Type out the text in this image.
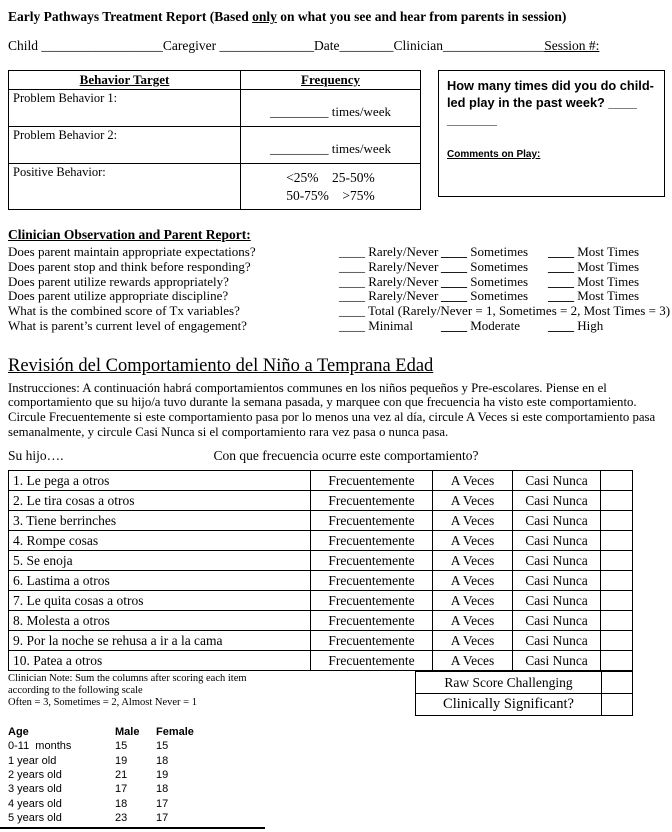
Early Pathways Treatment Report (Based only on what you see and hear from parents in session)
Child __________________Caregiver ______________Date________Clinician_______________Session #:
Behavior Target	Frequency
Problem Behavior 1:	_________ times/week
Problem Behavior 2:	_________ times/week
Positive Behavior:	<25%    25-50%
50-75%    >75%
How many times did you do child-led play in the past week? ____
_______
Comments on Play:
Clinician Observation and Parent Report:
Does parent maintain appropriate expectations?	____ Rarely/Never ____ Sometimes	____ Most Times
Does parent stop and think before responding?	____ Rarely/Never ____ Sometimes	____ Most Times
Does parent utilize rewards appropriately?	____ Rarely/Never ____ Sometimes	____ Most Times
Does parent utilize appropriate discipline?	____ Rarely/Never ____ Sometimes	____ Most Times
What is the combined score of Tx variables?	____ Total (Rarely/Never = 1, Sometimes = 2, Most Times = 3)
What is parent’s current level of engagement?	____ Minimal	____ Moderate	____ High
Revisión del Comportamiento del Niño a Temprana Edad
Instrucciones: A continuación habrá comportamientos communes en los niños pequeños y Pre-escolares. Piense en el comportamiento que su hijo/a tuvo durante la semana pasada, y marquee con que frecuencia ha visto este comportamiento. Circule Frecuentemente si este comportamiento pasa por lo menos una vez al día, circule A Veces si este comportamiento pasa semanalmente, y circule Casi Nunca si el comportamiento rara vez pasa o nunca pasa.
Su hijo….	Con que frecuencia ocurre este comportamiento?
1. Le pega a otros	Frecuentemente	A Veces	Casi Nunca	
2. Le tira cosas a otros	Frecuentemente	A Veces	Casi Nunca	
3. Tiene berrinches	Frecuentemente	A Veces	Casi Nunca	
4. Rompe cosas	Frecuentemente	A Veces	Casi Nunca	
5. Se enoja	Frecuentemente	A Veces	Casi Nunca	
6. Lastima a otros	Frecuentemente	A Veces	Casi Nunca	
7. Le quita cosas a otros	Frecuentemente	A Veces	Casi Nunca	
8. Molesta a otros	Frecuentemente	A Veces	Casi Nunca	
9. Por la noche se rehusa a ir a la cama	Frecuentemente	A Veces	Casi Nunca	
10. Patea a otros	Frecuentemente	A Veces	Casi Nunca	
Clinician Note: Sum the columns after scoring each item
according to the following scale
Often = 3, Sometimes = 2, Almost Never = 1
Raw Score Challenging	
Clinically Significant?	
Age	Male	Female
0-11  months	15	15
1 year old	19	18
2 years old	21	19
3 years old	17	18
4 years old	18	17
5 years old	23	17
